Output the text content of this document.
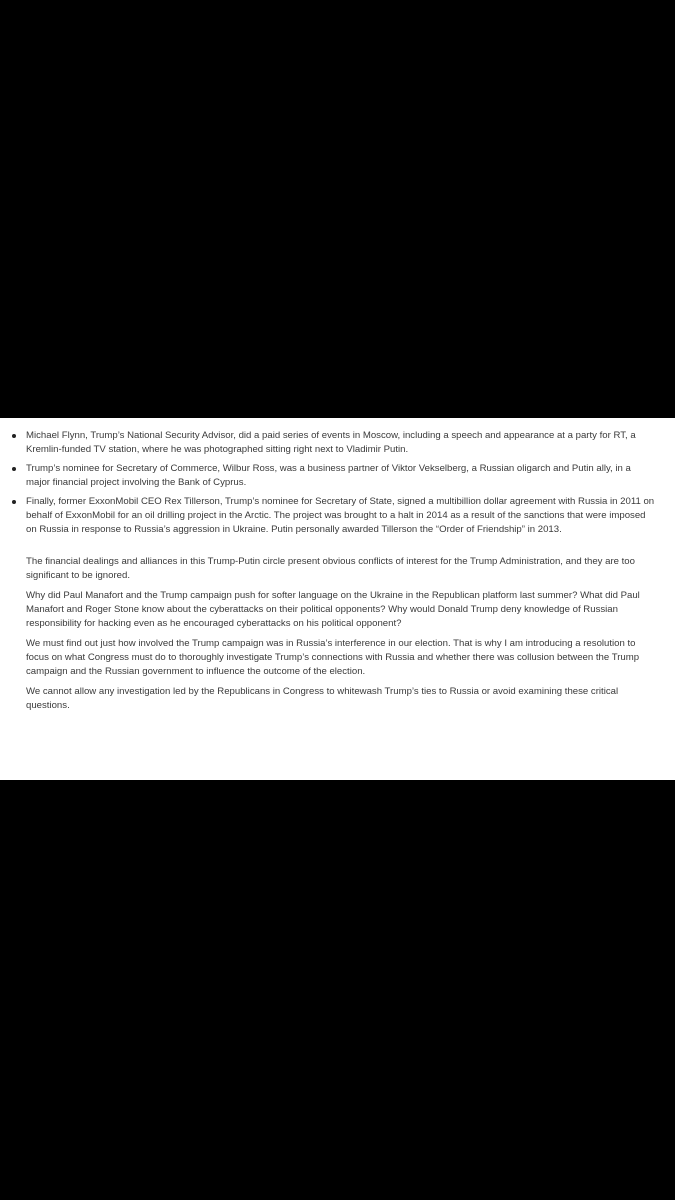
Michael Flynn, Trump’s National Security Advisor, did a paid series of events in Moscow, including a speech and appearance at a party for RT, a Kremlin-funded TV station, where he was photographed sitting right next to Vladimir Putin.
Trump’s nominee for Secretary of Commerce, Wilbur Ross, was a business partner of Viktor Vekselberg, a Russian oligarch and Putin ally, in a major financial project involving the Bank of Cyprus.
Finally, former ExxonMobil CEO Rex Tillerson, Trump’s nominee for Secretary of State, signed a multibillion dollar agreement with Russia in 2011 on behalf of ExxonMobil for an oil drilling project in the Arctic. The project was brought to a halt in 2014 as a result of the sanctions that were imposed on Russia in response to Russia’s aggression in Ukraine. Putin personally awarded Tillerson the “Order of Friendship” in 2013.

The financial dealings and alliances in this Trump-Putin circle present obvious conflicts of interest for the Trump Administration, and they are too significant to be ignored.

Why did Paul Manafort and the Trump campaign push for softer language on the Ukraine in the Republican platform last summer? What did Paul Manafort and Roger Stone know about the cyberattacks on their political opponents? Why would Donald Trump deny knowledge of Russian responsibility for hacking even as he encouraged cyberattacks on his political opponent?

We must find out just how involved the Trump campaign was in Russia’s interference in our election. That is why I am introducing a resolution to focus on what Congress must do to thoroughly investigate Trump’s connections with Russia and whether there was collusion between the Trump campaign and the Russian government to influence the outcome of the election.

We cannot allow any investigation led by the Republicans in Congress to whitewash Trump’s ties to Russia or avoid examining these critical questions.
